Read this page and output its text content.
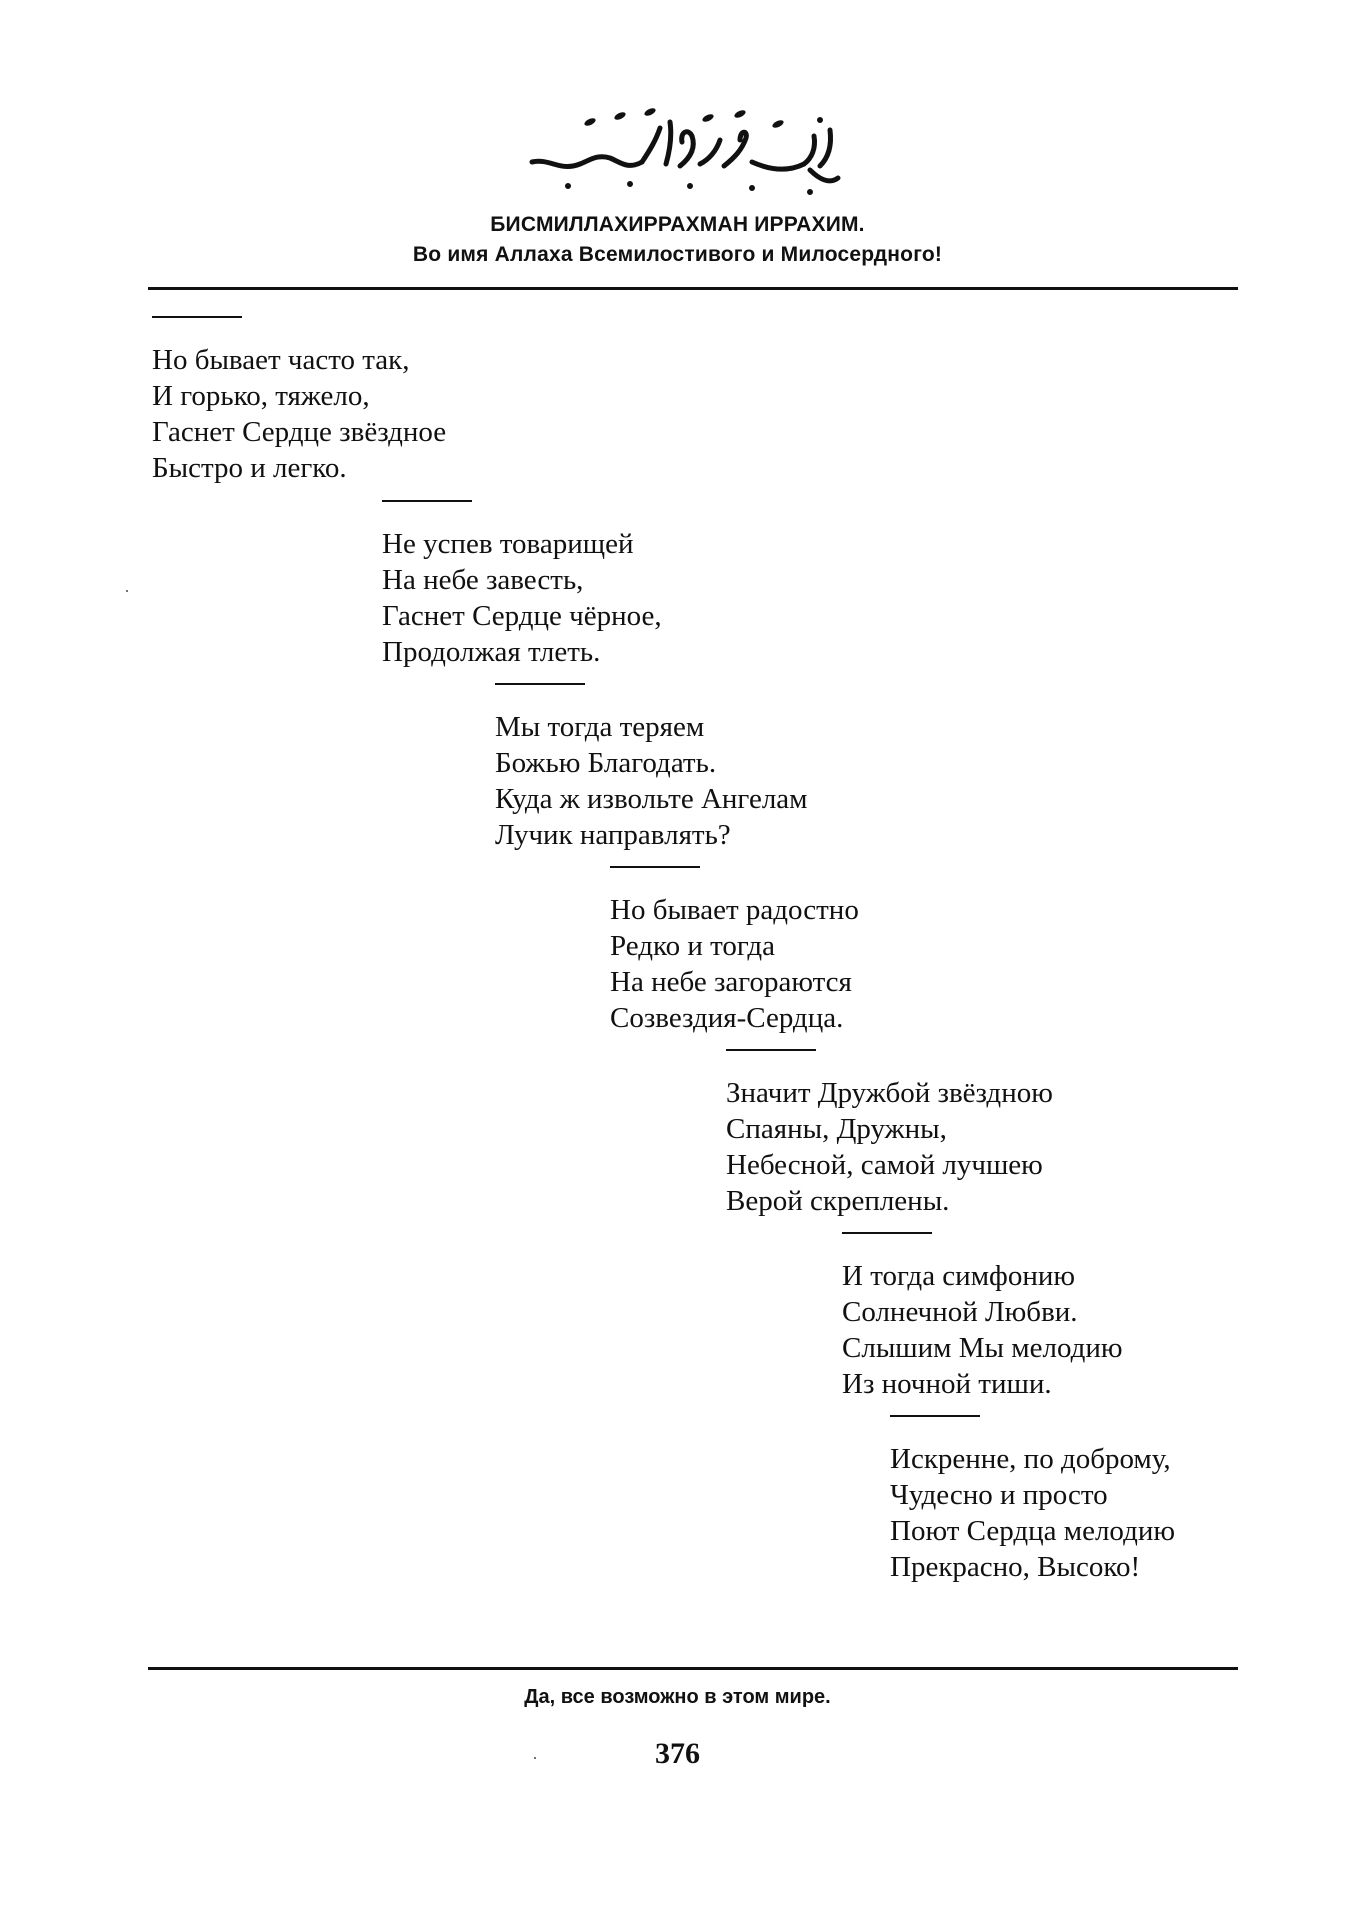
БИСМИЛЛАХИРРАХМАН ИРРАХИМ.
Во имя Аллаха Всемилостивого и Милосердного!
Но бывает часто так,
И горько, тяжело,
Гаснет Сердце звёздное
Быстро и легко.
Не успев товарищей
На небе завесть,
Гаснет Сердце чёрное,
Продолжая тлеть.
Мы тогда теряем
Божью Благодать.
Куда ж извольте Ангелам
Лучик направлять?
Но бывает радостно
Редко и тогда
На небе загораются
Созвездия-Сердца.
Значит Дружбой звёздною
Спаяны, Дружны,
Небесной, самой лучшею
Верой скреплены.
И тогда симфонию
Солнечной Любви.
Слышим Мы мелодию
Из ночной тиши.
Искренне, по доброму,
Чудесно и просто
Поют Сердца мелодию
Прекрасно, Высоко!
Да, все возможно в этом мире.
376
